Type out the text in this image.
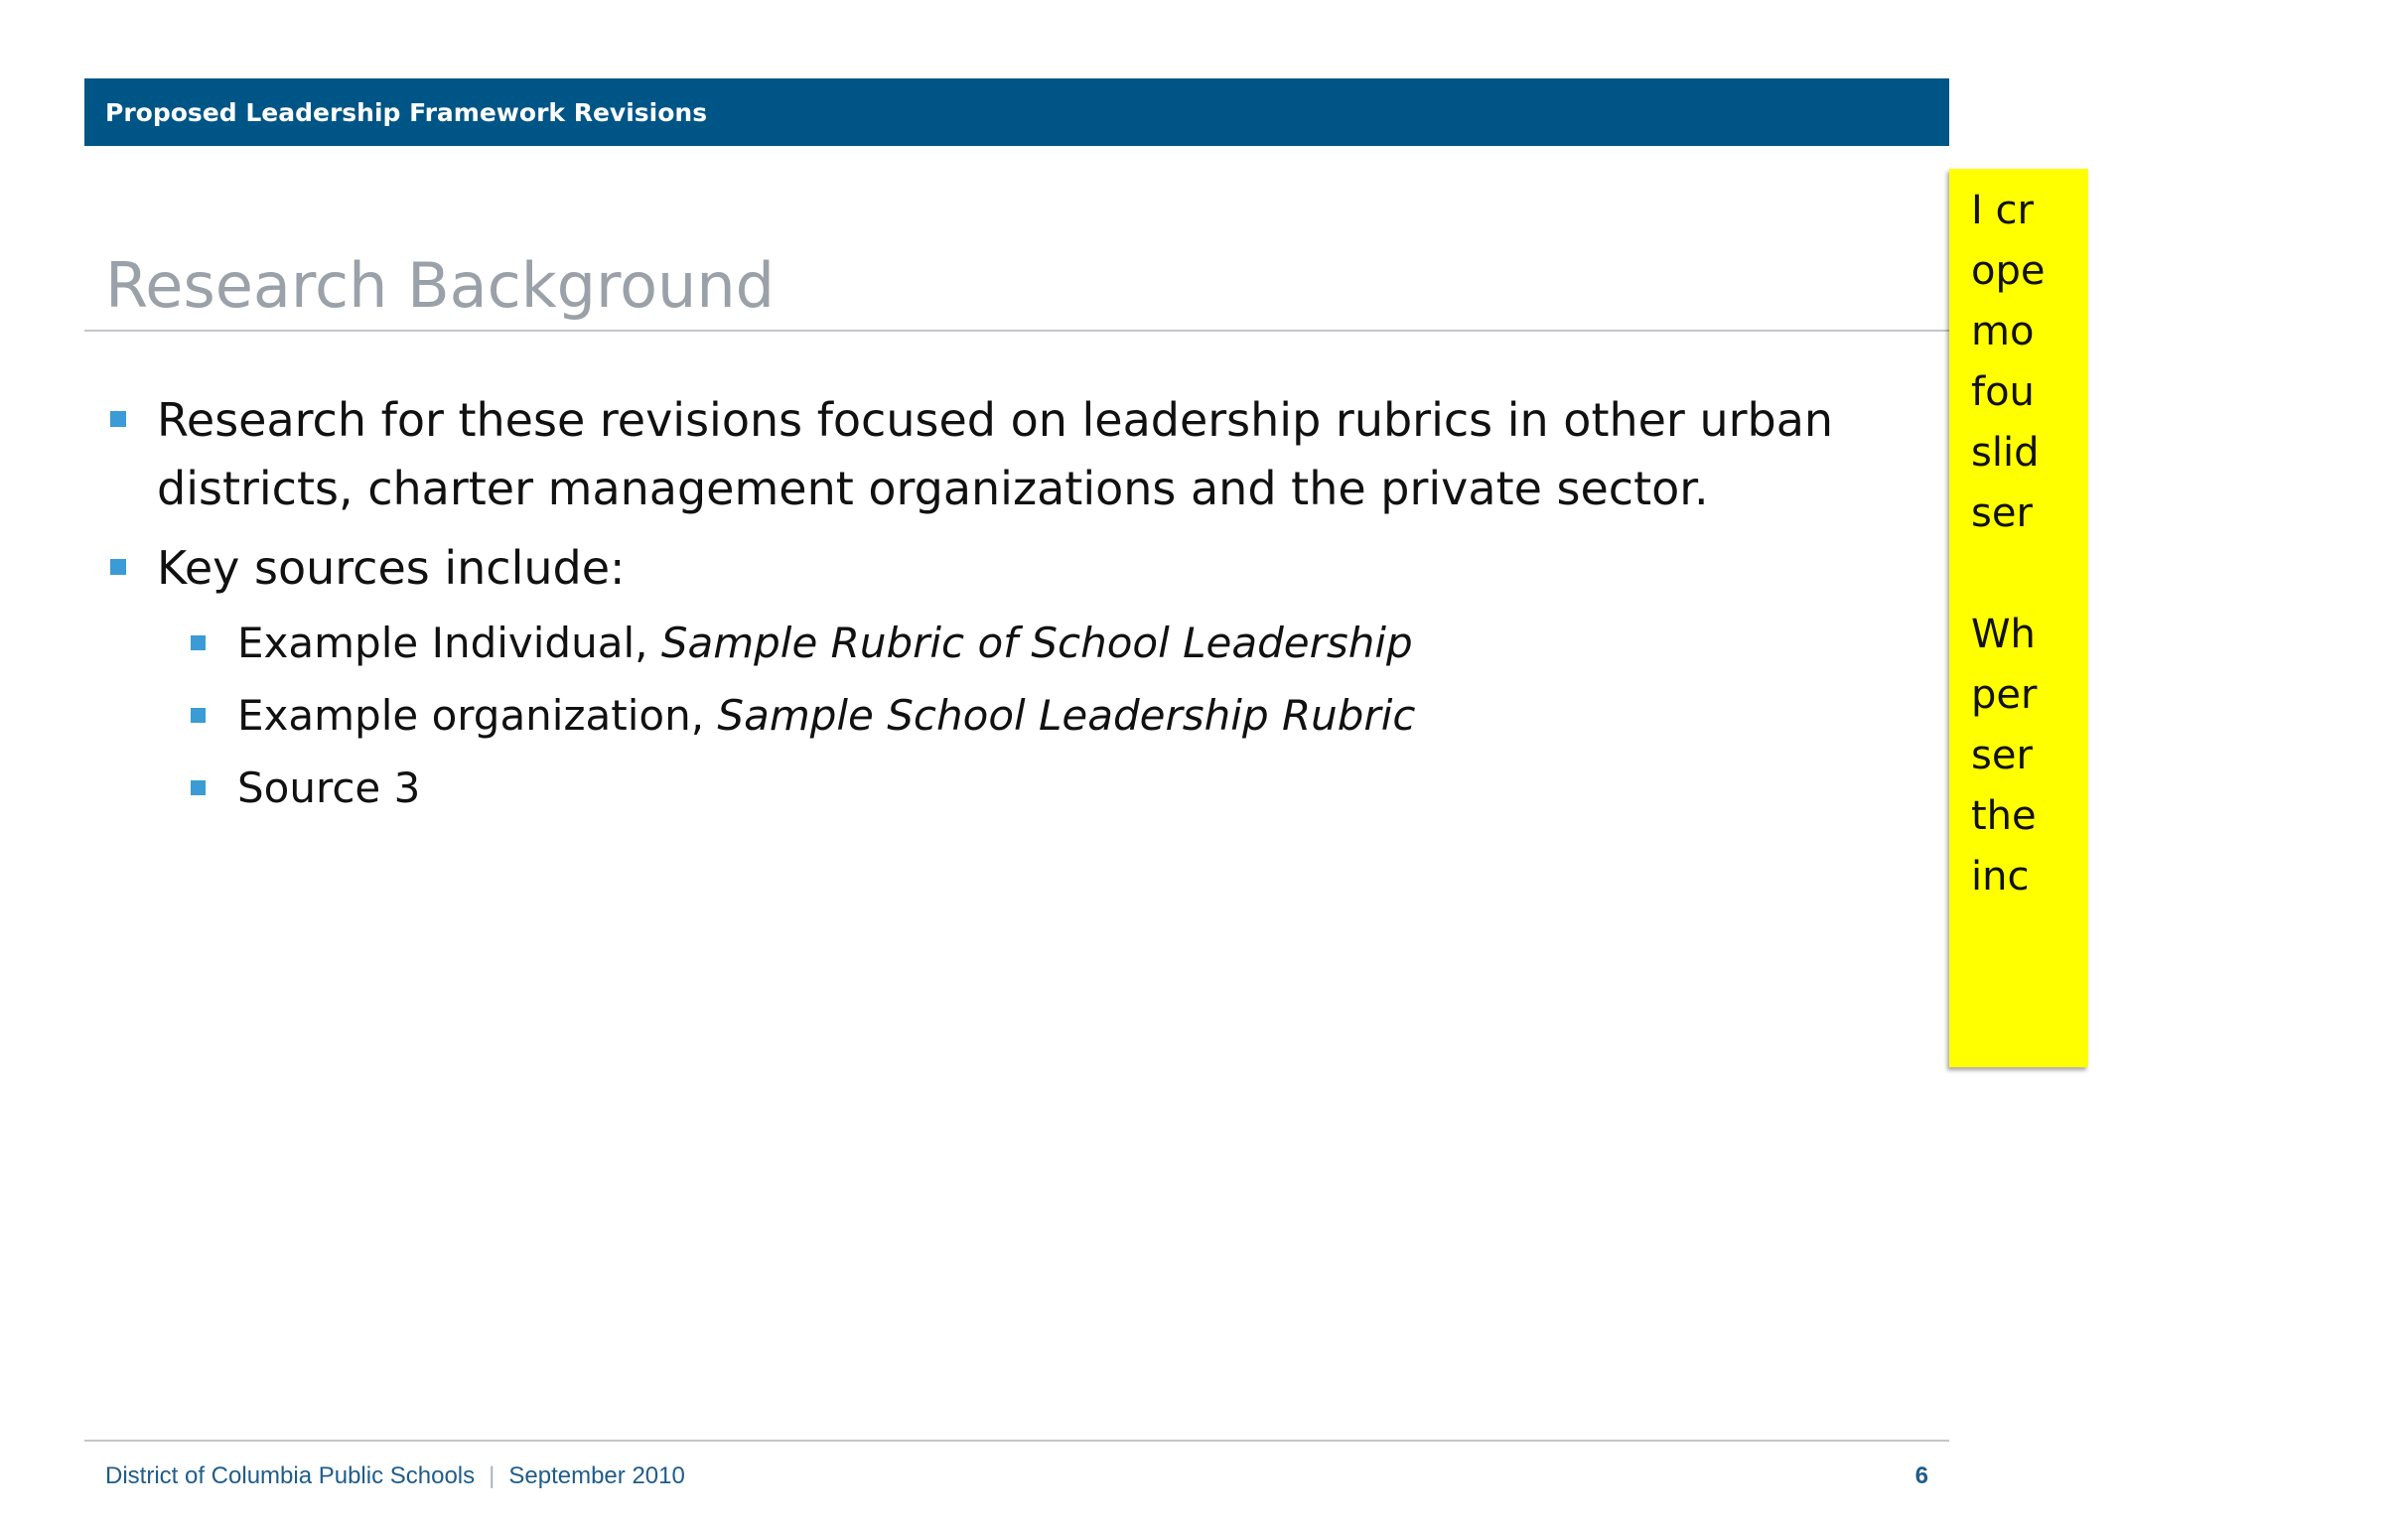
Proposed Leadership Framework Revisions
Research Background
Research for these revisions focused on leadership rubrics in other urban districts, charter management organizations and the private sector.
Key sources include:
Example Individual, Sample Rubric of School Leadership
Example organization, Sample School Leadership Rubric
Source 3
I cr
ope
mo
fou
slid
ser

Wh
per
ser
the
inc
District of Columbia Public Schools | September 2010	6
